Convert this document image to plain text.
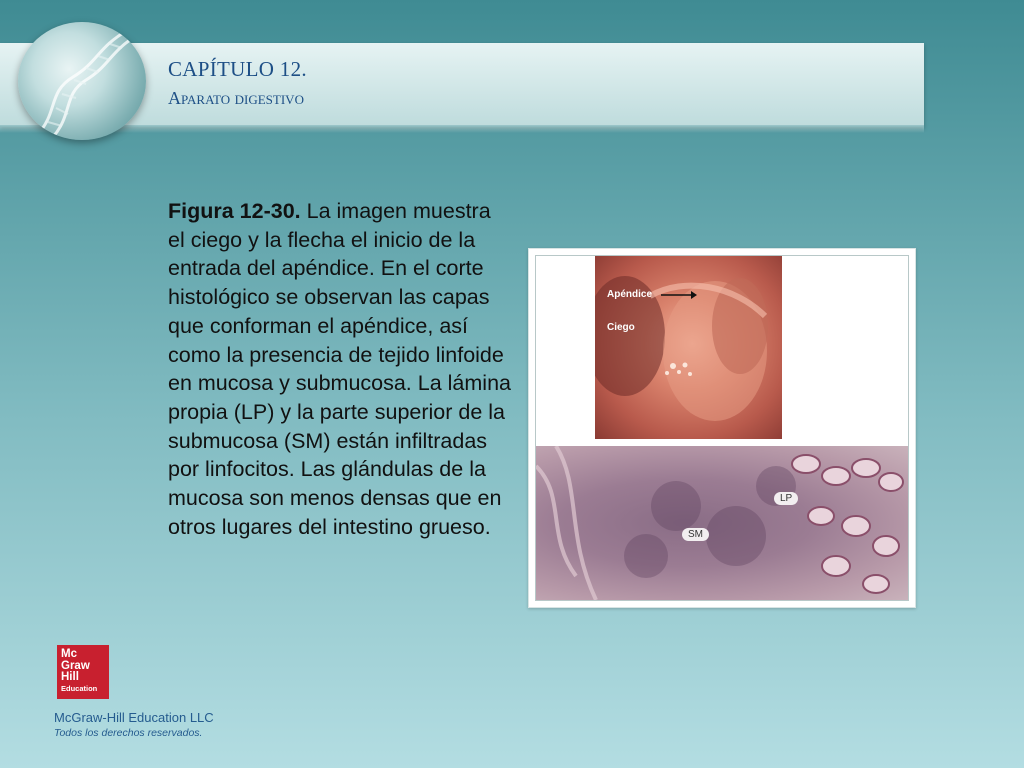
CAPÍTULO 12.
Aparato digestivo
Figura 12-30. La imagen muestra el ciego y la flecha el inicio de la entrada del apéndice. En el corte histológico se observan las capas que conforman el apéndice, así como la presencia de tejido linfoide en mucosa y submucosa. La lámina propia (LP) y la parte superior de la submucosa (SM) están infiltradas por linfocitos. Las glándulas de la mucosa son menos densas que en otros lugares del intestino grueso.
Apéndice
Ciego
LP
SM
Mc
Graw
Hill
Education
McGraw-Hill Education LLC
Todos los derechos reservados.
